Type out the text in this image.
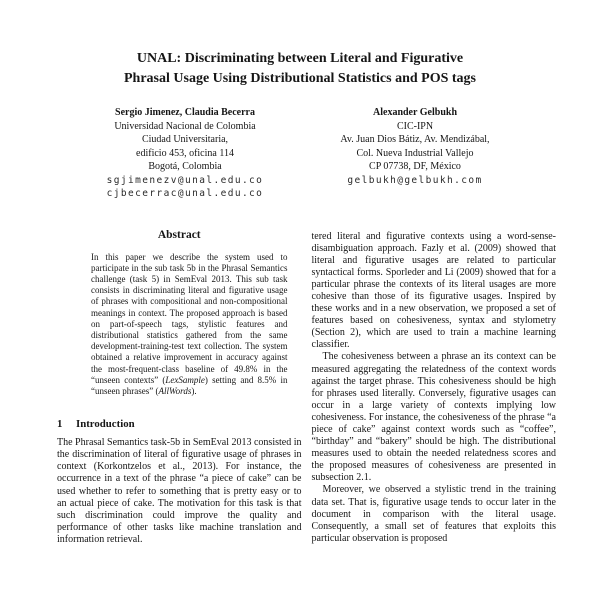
UNAL: Discriminating between Literal and Figurative
Phrasal Usage Using Distributional Statistics and POS tags
Sergio Jimenez, Claudia Becerra
Universidad Nacional de Colombia
Ciudad Universitaria,
edificio 453, oficina 114
Bogotá, Colombia
sgjimenezv@unal.edu.co
cjbecerrac@unal.edu.co
Alexander Gelbukh
CIC-IPN
Av. Juan Dios Bátiz, Av. Mendizábal,
Col. Nueva Industrial Vallejo
CP 07738, DF, México
gelbukh@gelbukh.com
Abstract
In this paper we describe the system used to participate in the sub task 5b in the Phrasal Semantics challenge (task 5) in SemEval 2013. This sub task consists in discriminating literal and figurative usage of phrases with compositional and non-compositional meanings in context. The proposed approach is based on part-of-speech tags, stylistic features and distributional statistics gathered from the same development-training-test text collection. The system obtained a relative improvement in accuracy against the most-frequent-class baseline of 49.8% in the “unseen contexts” (LexSample) setting and 8.5% in “unseen phrases” (AllWords).
1 Introduction
The Phrasal Semantics task-5b in SemEval 2013 consisted in the discrimination of literal of figurative usage of phrases in context (Korkontzelos et al., 2013). For instance, the occurrence in a text of the phrase “a piece of cake” can be used whether to refer to something that is pretty easy or to an actual piece of cake. The motivation for this task is that such discrimination could improve the quality and performance of other tasks like machine translation and information retrieval.
tered literal and figurative contexts using a word-sense-disambiguation approach. Fazly et al. (2009) showed that literal and figurative usages are related to particular syntactical forms. Sporleder and Li (2009) showed that for a particular phrase the contexts of its literal usages are more cohesive than those of its figurative usages. Inspired by these works and in a new observation, we proposed a set of features based on cohesiveness, syntax and stylometry (Section 2), which are used to train a machine learning classifier.
The cohesiveness between a phrase an its context can be measured aggregating the relatedness of the context words against the target phrase. This cohesiveness should be high for phrases used literally. Conversely, figurative usages can occur in a large variety of contexts implying low cohesiveness. For instance, the cohesiveness of the phrase “a piece of cake” against context words such as “coffee”, “birthday” and “bakery” should be high. The distributional measures used to obtain the needed relatedness scores and the proposed measures of cohesiveness are presented in subsection 2.1.
Moreover, we observed a stylistic trend in the training data set. That is, figurative usage tends to occur later in the document in comparison with the literal usage. Consequently, a small set of features that exploits this particular observation is proposed
